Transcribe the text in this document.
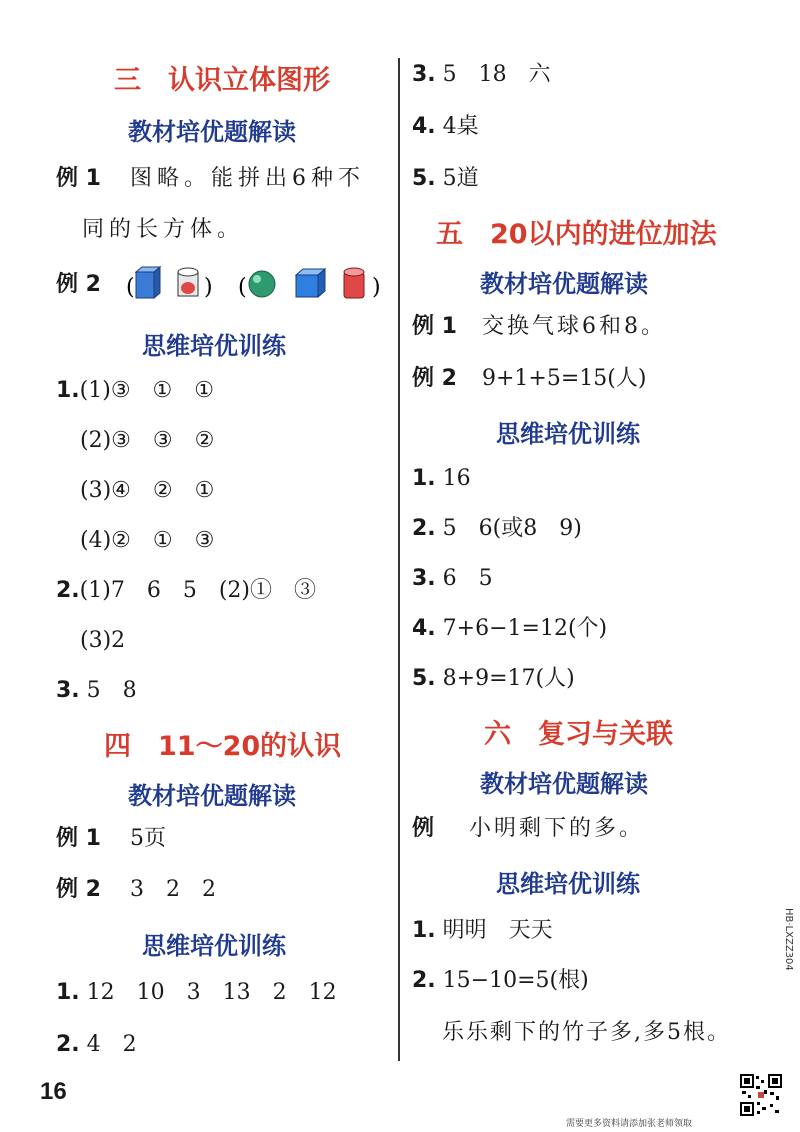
三　认识立体图形
教材培优题解读
例 1 图略。能拼出6种不
同的长方体。
例 2 (	) (	)
思维培优训练
1.(1)③　①　①
(2)③　③　②
(3)④　②　①
(4)②　①　③
2.(1)7　6　5　(2)①　③
(3)2
3. 5　8
四　11～20的认识
教材培优题解读
例 1 5页
例 2 3　2　2
思维培优训练
1. 12　10　3　13　2　12
2. 4　2
3. 5　18　六
4. 4桌
5. 5道
五　20以内的进位加法
教材培优题解读
例 1 交换气球6和8。
例 2 9+1+5=15(人)
思维培优训练
1. 16
2. 5　6(或8　9)
3. 6　5
4. 7+6−1=12(个)
5. 8+9=17(人)
六　复习与关联
教材培优题解读
例 小明剩下的多。
思维培优训练
1. 明明　天天
2. 15−10=5(根)
乐乐剩下的竹子多,多5根。
HB·LXZZ304
16
需要更多资料请添加张老师领取
